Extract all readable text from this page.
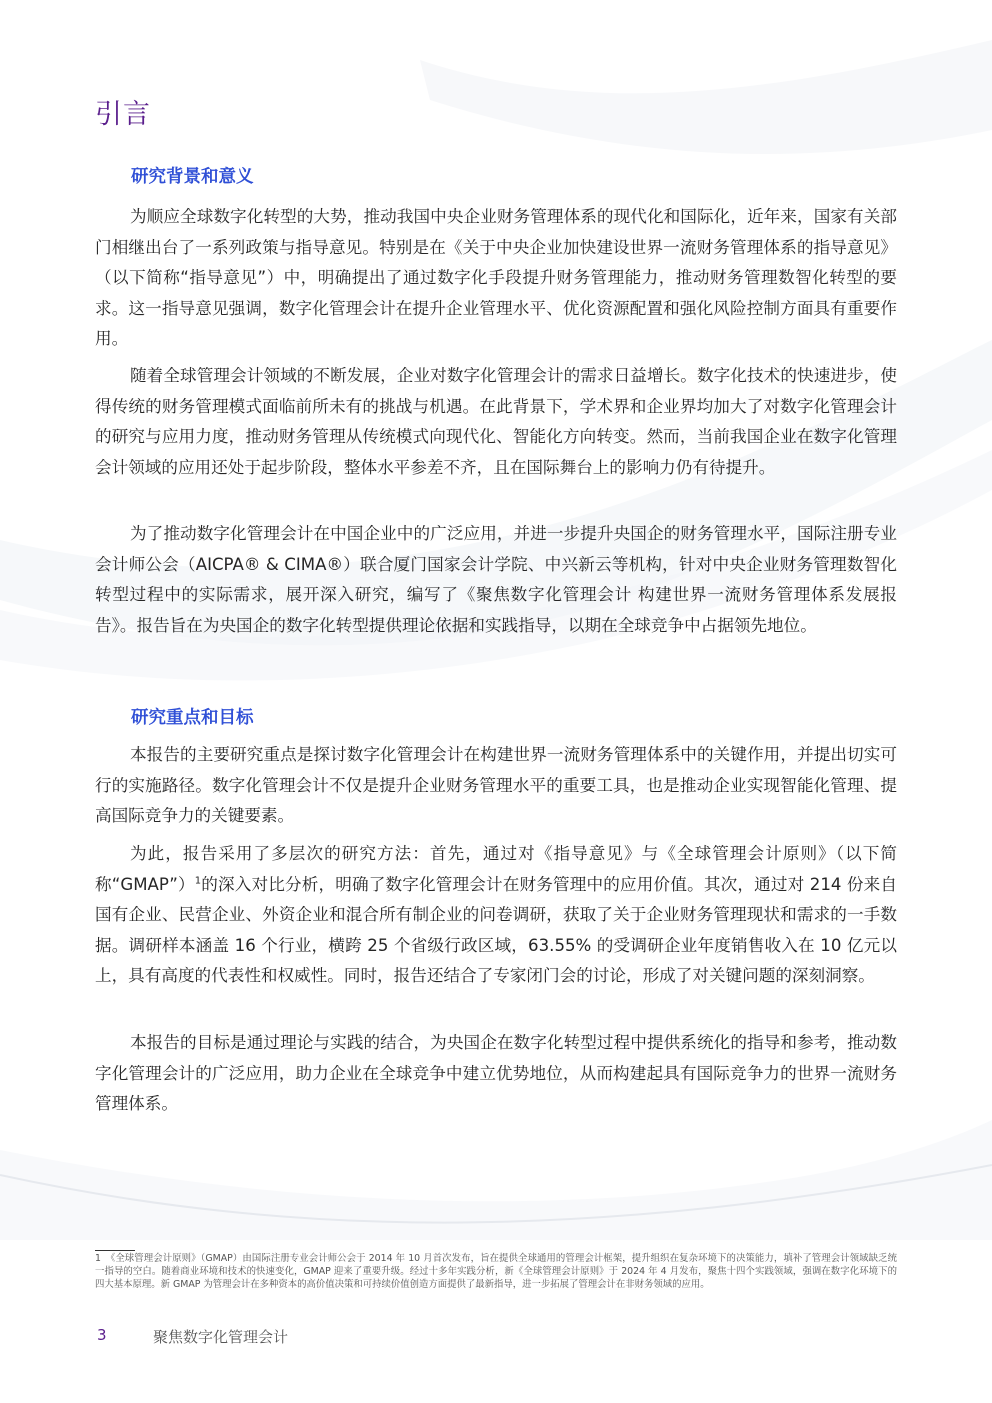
引言
研究背景和意义

为顺应全球数字化转型的大势，推动我国中央企业财务管理体系的现代化和国际化，近年来，国家有关部门相继出台了一系列政策与指导意见。特别是在《关于中央企业加快建设世界一流财务管理体系的指导意见》（以下简称“指导意见”）中，明确提出了通过数字化手段提升财务管理能力，推动财务管理数智化转型的要求。这一指导意见强调，数字化管理会计在提升企业管理水平、优化资源配置和强化风险控制方面具有重要作用。

随着全球管理会计领域的不断发展，企业对数字化管理会计的需求日益增长。数字化技术的快速进步，使得传统的财务管理模式面临前所未有的挑战与机遇。在此背景下，学术界和企业界均加大了对数字化管理会计的研究与应用力度，推动财务管理从传统模式向现代化、智能化方向转变。然而，当前我国企业在数字化管理会计领域的应用还处于起步阶段，整体水平参差不齐，且在国际舞台上的影响力仍有待提升。

为了推动数字化管理会计在中国企业中的广泛应用，并进一步提升央国企的财务管理水平，国际注册专业会计师公会（AICPA® & CIMA®）联合厦门国家会计学院、中兴新云等机构，针对中央企业财务管理数智化转型过程中的实际需求，展开深入研究，编写了《聚焦数字化管理会计 构建世界一流财务管理体系发展报告》。报告旨在为央国企的数字化转型提供理论依据和实践指导，以期在全球竞争中占据领先地位。

研究重点和目标

本报告的主要研究重点是探讨数字化管理会计在构建世界一流财务管理体系中的关键作用，并提出切实可行的实施路径。数字化管理会计不仅是提升企业财务管理水平的重要工具，也是推动企业实现智能化管理、提高国际竞争力的关键要素。

为此，报告采用了多层次的研究方法：首先，通过对《指导意见》与《全球管理会计原则》（以下简称“GMAP”）$^1$的深入对比分析，明确了数字化管理会计在财务管理中的应用价值。其次，通过对 214 份来自国有企业、民营企业、外资企业和混合所有制企业的问卷调研，获取了关于企业财务管理现状和需求的一手数据。调研样本涵盖 16 个行业，横跨 25 个省级行政区域，63.55% 的受调研企业年度销售收入在 10 亿元以上，具有高度的代表性和权威性。同时，报告还结合了专家闭门会的讨论，形成了对关键问题的深刻洞察。

本报告的目标是通过理论与实践的结合，为央国企在数字化转型过程中提供系统化的指导和参考，推动数字化管理会计的广泛应用，助力企业在全球竞争中建立优势地位，从而构建起具有国际竞争力的世界一流财务管理体系。

1　《全球管理会计原则》（GMAP）由国际注册专业会计师公会于 2014 年 10 月首次发布，旨在提供全球通用的管理会计框架，提升组织在复杂环境下的决策能力，填补了管理会计领域缺乏统一指导的空白。随着商业环境和技术的快速变化，GMAP 迎来了重要升级。经过十多年实践分析，新《全球管理会计原则》于 2024 年 4 月发布，聚焦十四个实践领域，强调在数字化环境下的四大基本原理。新 GMAP 为管理会计在多种资本的高价值决策和可持续价值创造方面提供了最新指导，进一步拓展了管理会计在非财务领域的应用。

3	聚焦数字化管理会计
